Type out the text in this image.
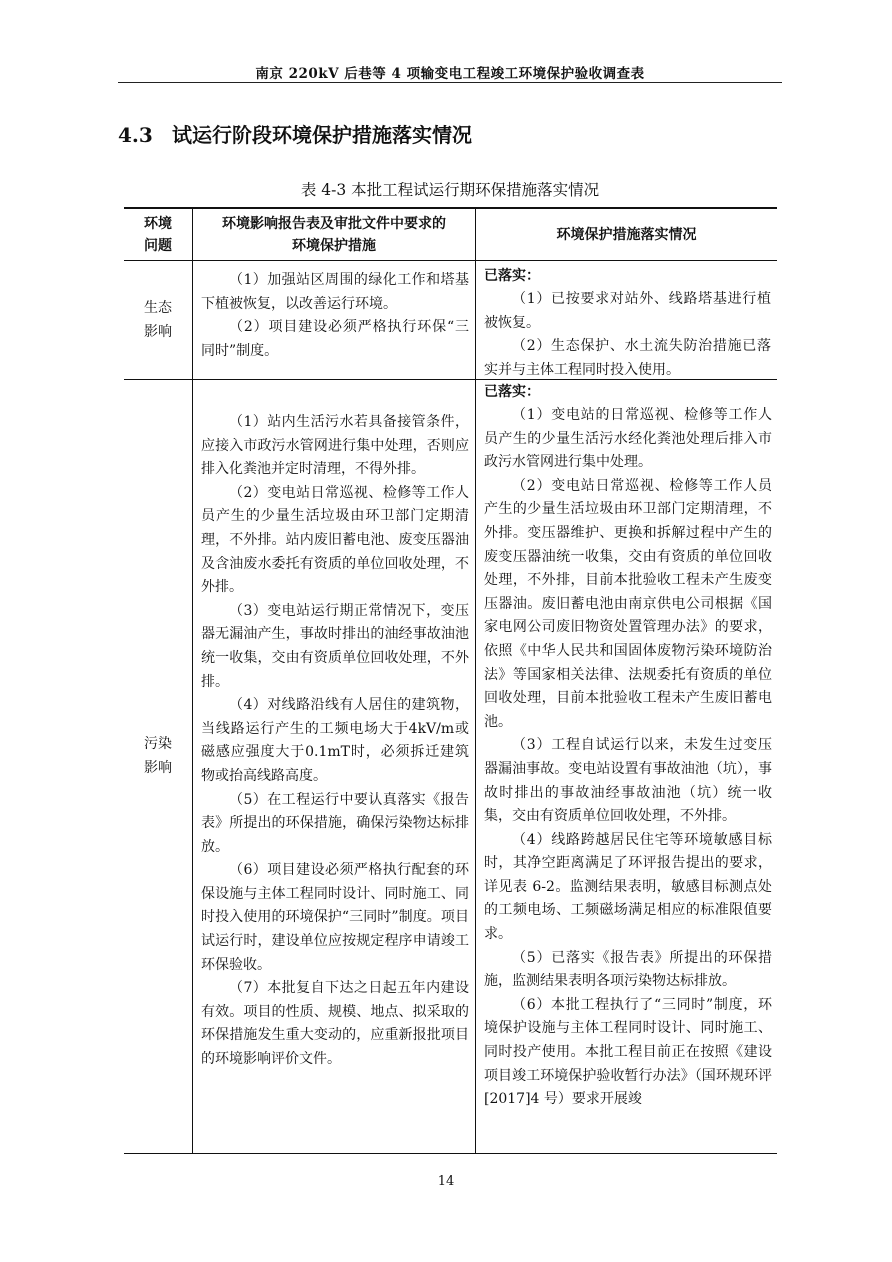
南京 220kV 后巷等 4 项输变电工程竣工环境保护验收调查表
4.3 试运行阶段环境保护措施落实情况
表 4-3 本批工程试运行期环保措施落实情况
环境
问题
环境影响报告表及审批文件中要求的
环境保护措施
环境保护措施落实情况
生态
影响

（1）加强站区周围的绿化工作和塔基下植被恢复，以改善运行环境。

（2）项目建设必须严格执行环保“三同时”制度。

已落实：

（1）已按要求对站外、线路塔基进行植被恢复。

（2）生态保护、水土流失防治措施已落实并与主体工程同时投入使用。

污染
影响

（1）站内生活污水若具备接管条件，应接入市政污水管网进行集中处理，否则应排入化粪池并定时清理，不得外排。

（2）变电站日常巡视、检修等工作人员产生的少量生活垃圾由环卫部门定期清理，不外排。站内废旧蓄电池、废变压器油及含油废水委托有资质的单位回收处理，不外排。

（3）变电站运行期正常情况下，变压器无漏油产生，事故时排出的油经事故油池统一收集，交由有资质单位回收处理，不外排。

（4）对线路沿线有人居住的建筑物，当线路运行产生的工频电场大于4kV/m或磁感应强度大于0.1mT时，必须拆迁建筑物或抬高线路高度。

（5）在工程运行中要认真落实《报告表》所提出的环保措施，确保污染物达标排放。

（6）项目建设必须严格执行配套的环保设施与主体工程同时设计、同时施工、同时投入使用的环境保护“三同时”制度。项目试运行时，建设单位应按规定程序申请竣工环保验收。

（7）本批复自下达之日起五年内建设有效。项目的性质、规模、地点、拟采取的环保措施发生重大变动的，应重新报批项目的环境影响评价文件。

已落实：

（1）变电站的日常巡视、检修等工作人员产生的少量生活污水经化粪池处理后排入市政污水管网进行集中处理。

（2）变电站日常巡视、检修等工作人员产生的少量生活垃圾由环卫部门定期清理，不外排。变压器维护、更换和拆解过程中产生的废变压器油统一收集，交由有资质的单位回收处理，不外排，目前本批验收工程未产生废变压器油。废旧蓄电池由南京供电公司根据《国家电网公司废旧物资处置管理办法》的要求，依照《中华人民共和国固体废物污染环境防治法》等国家相关法律、法规委托有资质的单位回收处理，目前本批验收工程未产生废旧蓄电池。

（3）工程自试运行以来，未发生过变压器漏油事故。变电站设置有事故油池（坑），事故时排出的事故油经事故油池（坑）统一收集，交由有资质单位回收处理，不外排。

（4）线路跨越居民住宅等环境敏感目标时，其净空距离满足了环评报告提出的要求，详见表 6-2。监测结果表明，敏感目标测点处的工频电场、工频磁场满足相应的标准限值要求。

（5）已落实《报告表》所提出的环保措施，监测结果表明各项污染物达标排放。

（6）本批工程执行了“三同时”制度，环境保护设施与主体工程同时设计、同时施工、同时投产使用。本批工程目前正在按照《建设项目竣工环境保护验收暂行办法》（国环规环评[2017]4 号）要求开展竣

14
